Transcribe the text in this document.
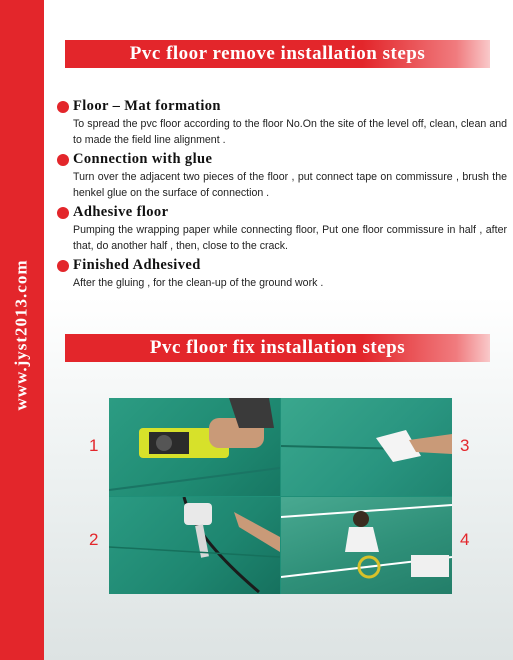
www.jyst2013.com
Pvc floor remove installation steps
Floor – Mat formation
To spread the pvc floor according to the floor No.On the site of the level off, clean, clean and to made the field line alignment .
Connection with glue
Turn over the adjacent two pieces of the floor , put connect tape on commissure , brush the henkel glue on the surface of connection .
Adhesive floor
Pumping the wrapping paper while connecting floor, Put one floor commissure in half , after that, do another half , then, close to the crack.
Finished Adhesived
After the gluing , for the clean-up of the ground work .
Pvc floor fix installation steps
1
2
3
4
